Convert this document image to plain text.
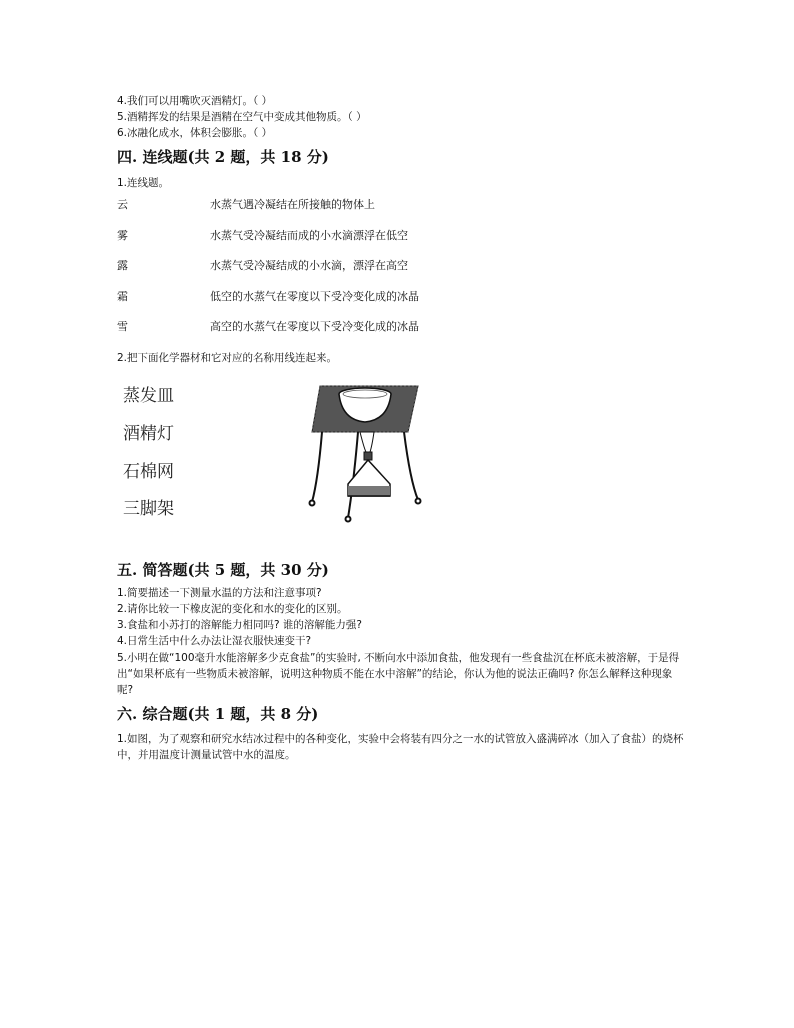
4.我们可以用嘴吹灭酒精灯。（ ）
5.酒精挥发的结果是酒精在空气中变成其他物质。（ ）
6.冰融化成水，体积会膨胀。（ ）
四. 连线题(共 2 题，共 18 分)
1.连线题。
云	水蒸气遇冷凝结在所接触的物体上
雾	水蒸气受冷凝结而成的小水滴漂浮在低空
露	水蒸气受冷凝结成的小水滴，漂浮在高空
霜	低空的水蒸气在零度以下受冷变化成的冰晶
雪	高空的水蒸气在零度以下受冷变化成的冰晶
2.把下面化学器材和它对应的名称用线连起来。
蒸发皿
酒精灯
石棉网
三脚架
五. 简答题(共 5 题，共 30 分)
1.简要描述一下测量水温的方法和注意事项?
2.请你比较一下橡皮泥的变化和水的变化的区别。
3.食盐和小苏打的溶解能力相同吗? 谁的溶解能力强?
4.日常生活中什么办法让湿衣服快速变干?
5.小明在做“100毫升水能溶解多少克食盐”的实验时, 不断向水中添加食盐，他发现有一些食盐沉在杯底未被溶解，于是得出“如果杯底有一些物质未被溶解，说明这种物质不能在水中溶解”的结论，你认为他的说法正确吗? 你怎么解释这种现象呢?
六. 综合题(共 1 题，共 8 分)
1.如图，为了观察和研究水结冰过程中的各种变化，实验中会将装有四分之一水的试管放入盛满碎冰（加入了食盐）的烧杯中，并用温度计测量试管中水的温度。
